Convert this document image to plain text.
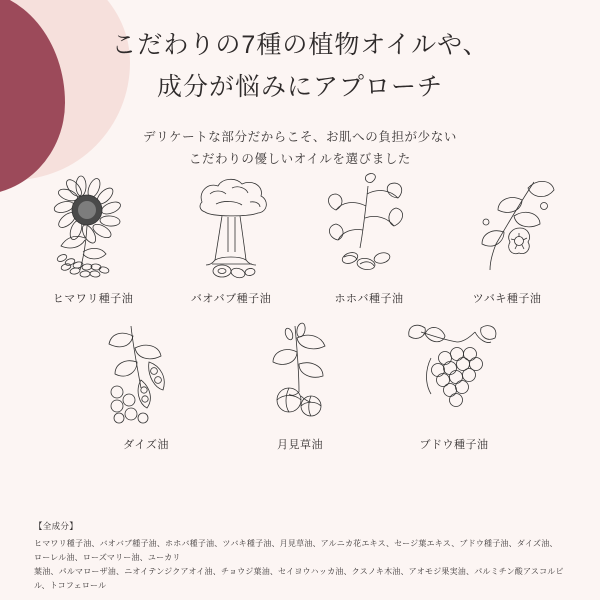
こだわりの7種の植物オイルや、
成分が悩みにアプローチ
デリケートな部分だからこそ、お肌への負担が少ない
こだわりの優しいオイルを選びました
ヒマワリ種子油	バオバブ種子油	ホホバ種子油	ツバキ種子油
ダイズ油	月見草油	ブドウ種子油
【全成分】
ヒマワリ種子油、バオバブ種子油、ホホバ種子油、ツバキ種子油、月見草油、アルニカ花エキス、セージ葉エキス、ブドウ種子油、ダイズ油、ローレル油、ローズマリー油、ユーカリ
葉油、パルマローザ油、ニオイテンジクアオイ油、チョウジ葉油、セイヨウハッカ油、クスノキ木油、アオモジ果実油、パルミチン酸アスコルビル、トコフェロール
